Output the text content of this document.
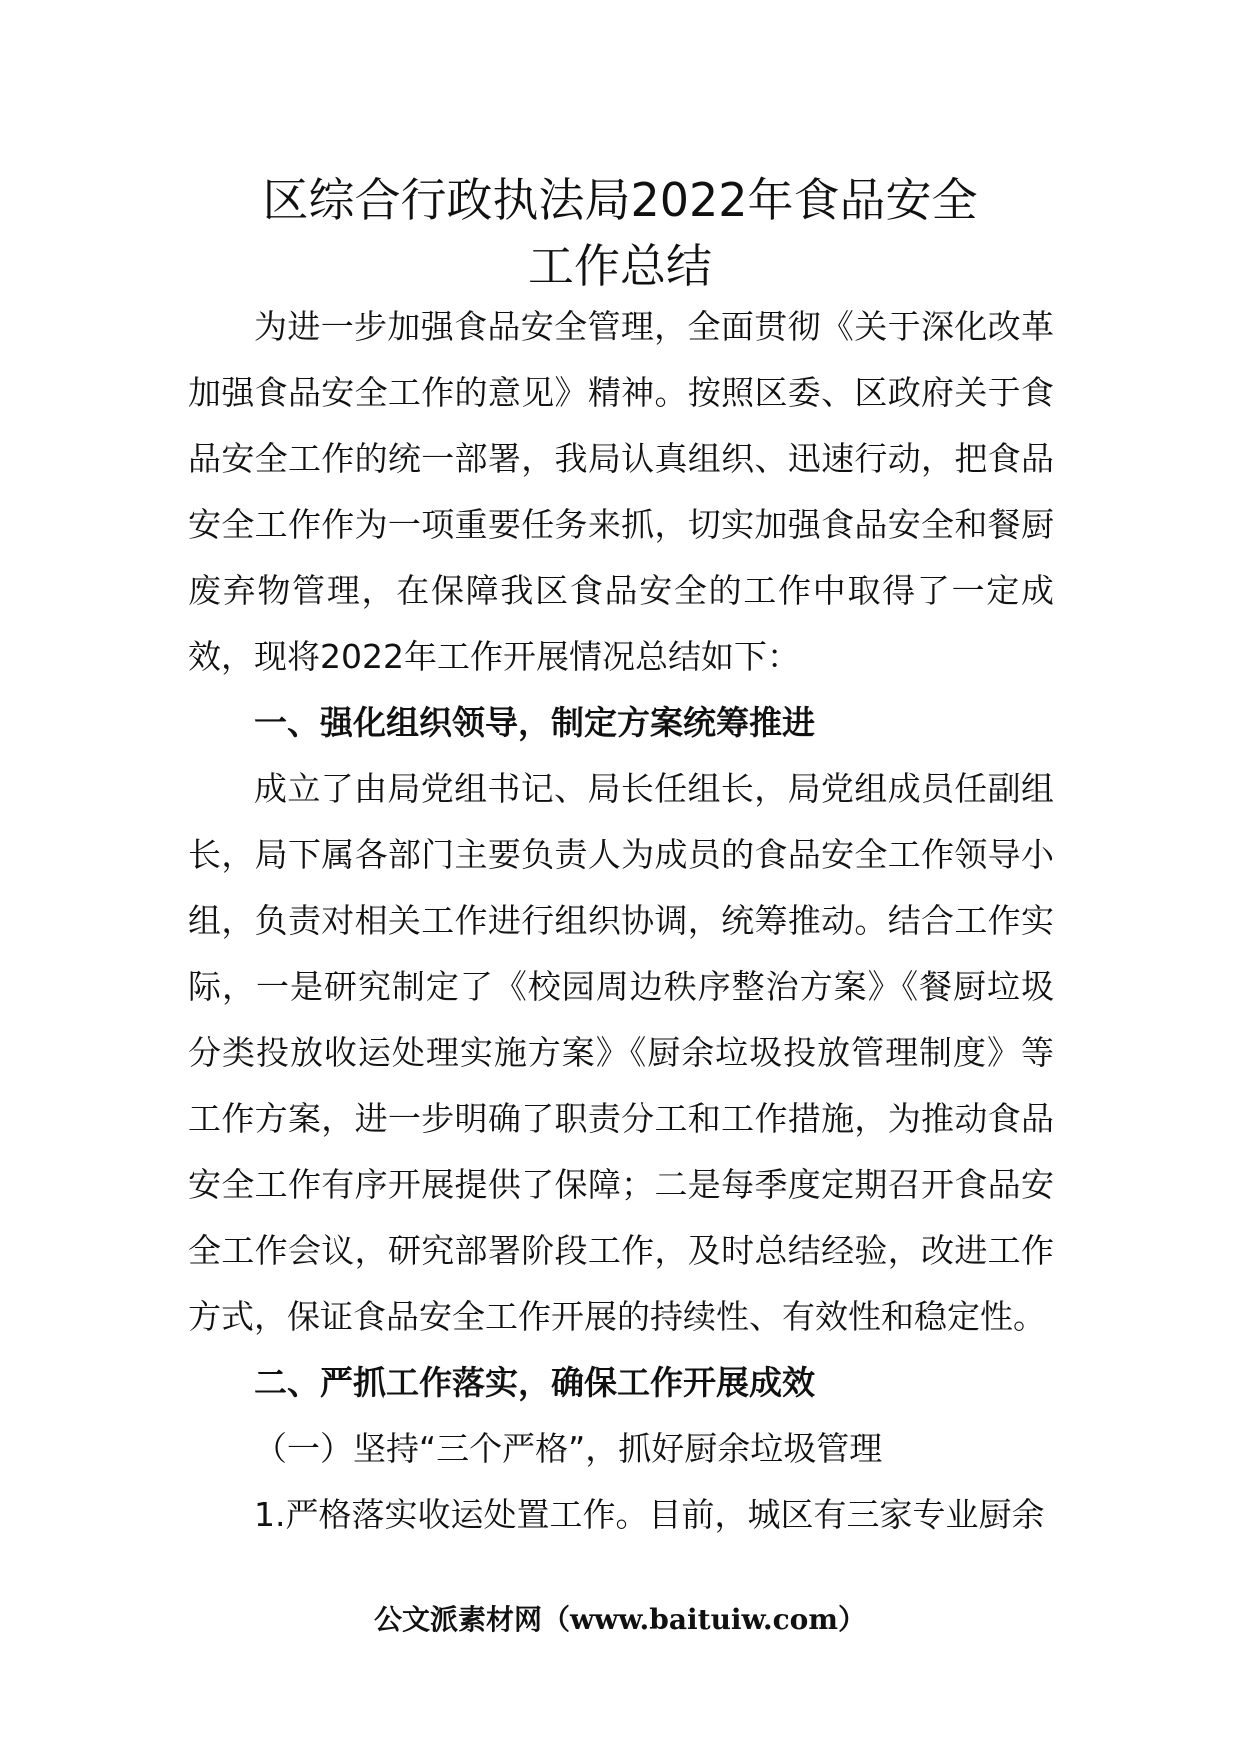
区综合行政执法局2022年食品安全
工作总结

为进一步加强食品安全管理，全面贯彻《关于深化改革加强食品安全工作的意见》精神。按照区委、区政府关于食品安全工作的统一部署，我局认真组织、迅速行动，把食品安全工作作为一项重要任务来抓，切实加强食品安全和餐厨废弃物管理，在保障我区食品安全的工作中取得了一定成效，现将2022年工作开展情况总结如下：

一、强化组织领导，制定方案统筹推进

成立了由局党组书记、局长任组长，局党组成员任副组长，局下属各部门主要负责人为成员的食品安全工作领导小组，负责对相关工作进行组织协调，统筹推动。结合工作实际，一是研究制定了《校园周边秩序整治方案》《餐厨垃圾分类投放收运处理实施方案》《厨余垃圾投放管理制度》等工作方案，进一步明确了职责分工和工作措施，为推动食品安全工作有序开展提供了保障；二是每季度定期召开食品安全工作会议，研究部署阶段工作，及时总结经验，改进工作方式，保证食品安全工作开展的持续性、有效性和稳定性。

二、严抓工作落实，确保工作开展成效

（一）坚持“三个严格”，抓好厨余垃圾管理

1.严格落实收运处置工作。目前，城区有三家专业厨余

公文派素材网（www.baituiw.com）
